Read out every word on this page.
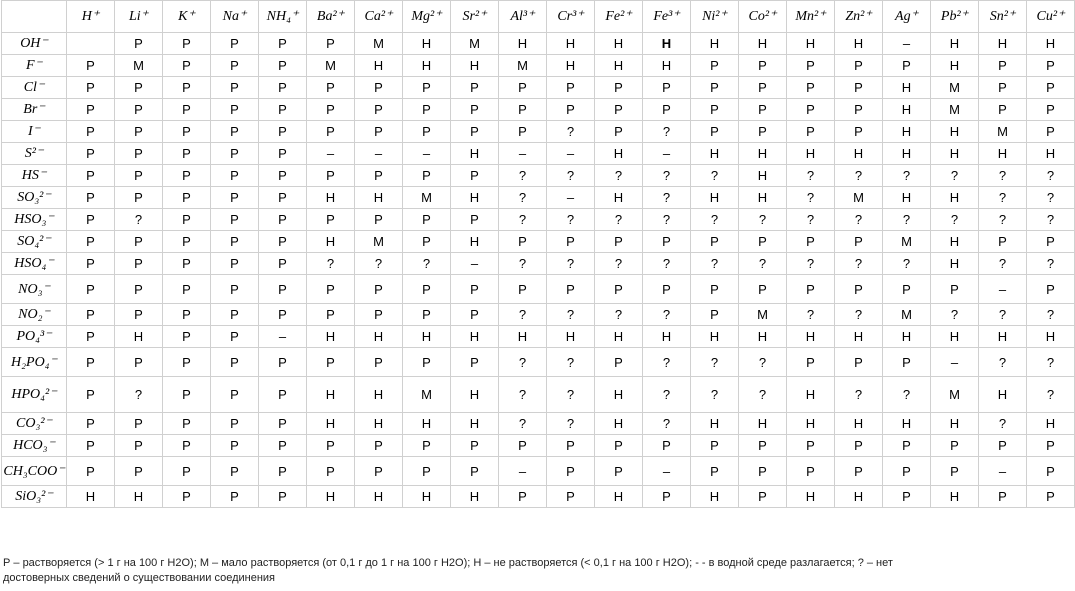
	H⁺	Li⁺	K⁺	Na⁺	NH₄⁺	Ba²⁺	Ca²⁺	Mg²⁺	Sr²⁺	Al³⁺	Cr³⁺	Fe²⁺	Fe³⁺	Ni²⁺	Co²⁺	Mn²⁺	Zn²⁺	Ag⁺	Pb²⁺	Sn²⁺	Cu²⁺
OH⁻		Р	Р	Р	Р	Р	М	Н	М	Н	Н	Н	Н	Н	Н	Н	Н	–	Н	Н	Н
F⁻	Р	М	Р	Р	Р	М	Н	Н	Н	М	Н	Н	Н	Р	Р	Р	Р	Р	Н	Р	Р
Cl⁻	Р	Р	Р	Р	Р	Р	Р	Р	Р	Р	Р	Р	Р	Р	Р	Р	Р	Н	М	Р	Р
Br⁻	Р	Р	Р	Р	Р	Р	Р	Р	Р	Р	Р	Р	Р	Р	Р	Р	Р	Н	М	Р	Р
I⁻	Р	Р	Р	Р	Р	Р	Р	Р	Р	Р	?	Р	?	Р	Р	Р	Р	Н	Н	М	Р
S²⁻	Р	Р	Р	Р	Р	–	–	–	Н	–	–	Н	–	Н	Н	Н	Н	Н	Н	Н	Н
HS⁻	Р	Р	Р	Р	Р	Р	Р	Р	Р	?	?	?	?	?	Н	?	?	?	?	?	?
SO₃²⁻	Р	Р	Р	Р	Р	Н	Н	М	Н	?	–	Н	?	Н	Н	?	М	Н	Н	?	?
HSO₃⁻	Р	?	Р	Р	Р	Р	Р	Р	Р	?	?	?	?	?	?	?	?	?	?	?	?
SO₄²⁻	Р	Р	Р	Р	Р	Н	М	Р	Н	Р	Р	Р	Р	Р	Р	Р	Р	М	Н	Р	Р
HSO₄⁻	Р	Р	Р	Р	Р	?	?	?	–	?	?	?	?	?	?	?	?	?	Н	?	?
NO₃⁻	Р	Р	Р	Р	Р	Р	Р	Р	Р	Р	Р	Р	Р	Р	Р	Р	Р	Р	Р	–	Р
NO₂⁻	Р	Р	Р	Р	Р	Р	Р	Р	Р	?	?	?	?	Р	М	?	?	М	?	?	?
PO₄³⁻	Р	Н	Р	Р	–	Н	Н	Н	Н	Н	Н	Н	Н	Н	Н	Н	Н	Н	Н	Н	Н
H₂PO₄⁻	Р	Р	Р	Р	Р	Р	Р	Р	Р	?	?	Р	?	?	?	Р	Р	Р	–	?	?
HPO₄²⁻	Р	?	Р	Р	Р	Н	Н	М	Н	?	?	Н	?	?	?	Н	?	?	М	Н	?
CO₃²⁻	Р	Р	Р	Р	Р	Н	Н	Н	Н	?	?	Н	?	Н	Н	Н	Н	Н	Н	?	Н
HCO₃⁻	Р	Р	Р	Р	Р	Р	Р	Р	Р	Р	Р	Р	Р	Р	Р	Р	Р	Р	Р	Р	Р
CH₃COO⁻	Р	Р	Р	Р	Р	Р	Р	Р	Р	–	Р	Р	–	Р	Р	Р	Р	Р	Р	–	Р
SiO₃²⁻	Н	Н	Р	Р	Р	Н	Н	Н	Н	Р	Р	Н	Р	Н	Р	Н	Н	Р	Н	Р	Р
Р – растворяется (> 1 г на 100 г Н2О); М – мало растворяется (от 0,1 г до 1 г на 100 г Н2О); Н – не растворяется (< 0,1 г на 100 г Н2О); - - в водной среде разлагается; ? – нет достоверных сведений о существовании соединения
